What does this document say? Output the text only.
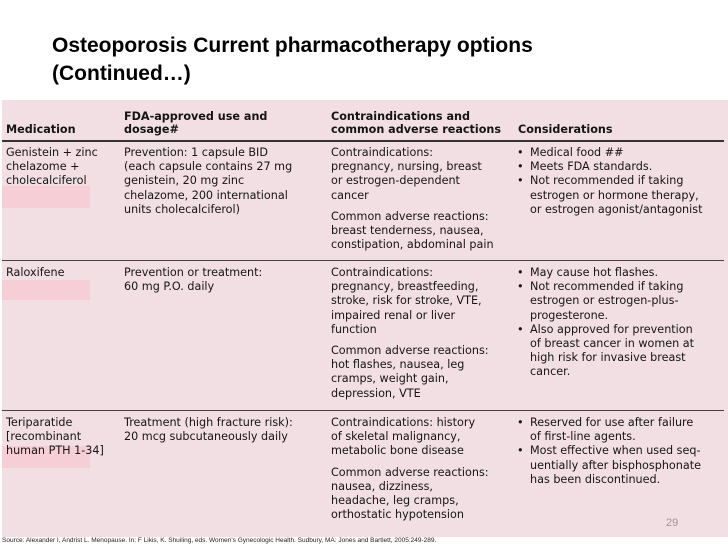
Osteoporosis Current pharmacotherapy options
(Continued…)
Medication
FDA-approved use and
dosage#
Contraindications and
common adverse reactions Considerations
Genistein + zinc
chelazome +
cholecalciferol
Prevention: 1 capsule BID
(each capsule contains 27 mg
genistein, 20 mg zinc
chelazome, 200 international
units cholecalciferol)
Contraindications:
pregnancy, nursing, breast
or estrogen-dependent
cancer
Common adverse reactions:
breast tenderness, nausea,
constipation, abdominal pain
• Medical food ##
• Meets FDA standards.
• Not recommended if taking
estrogen or hormone therapy,
or estrogen agonist/antagonist
Raloxifene	Prevention or treatment:
60 mg P.O. daily
Contraindications:
pregnancy, breastfeeding,
stroke, risk for stroke, VTE,
impaired renal or liver
function
Common adverse reactions:
hot flashes, nausea, leg
cramps, weight gain,
depression, VTE
• May cause hot flashes.
• Not recommended if taking
estrogen or estrogen-plus-
progesterone.
• Also approved for prevention
of breast cancer in women at
high risk for invasive breast
cancer.
Teriparatide
[recombinant
human PTH 1-34]
Treatment (high fracture risk):
20 mcg subcutaneously daily
Contraindications: history
of skeletal malignancy,
metabolic bone disease
Common adverse reactions:
nausea, dizziness,
headache, leg cramps,
orthostatic hypotension
• Reserved for use after failure
of first-line agents.
• Most effective when used seq-
uentially after bisphosphonate
has been discontinued.
29
Source: Alexander I, Andrist L. Menopause. In: F Likis, K. Shuiling, eds. Women’s Gynecologic Health. Sudbury, MA: Jones and Bartlett, 2005:249-289.
